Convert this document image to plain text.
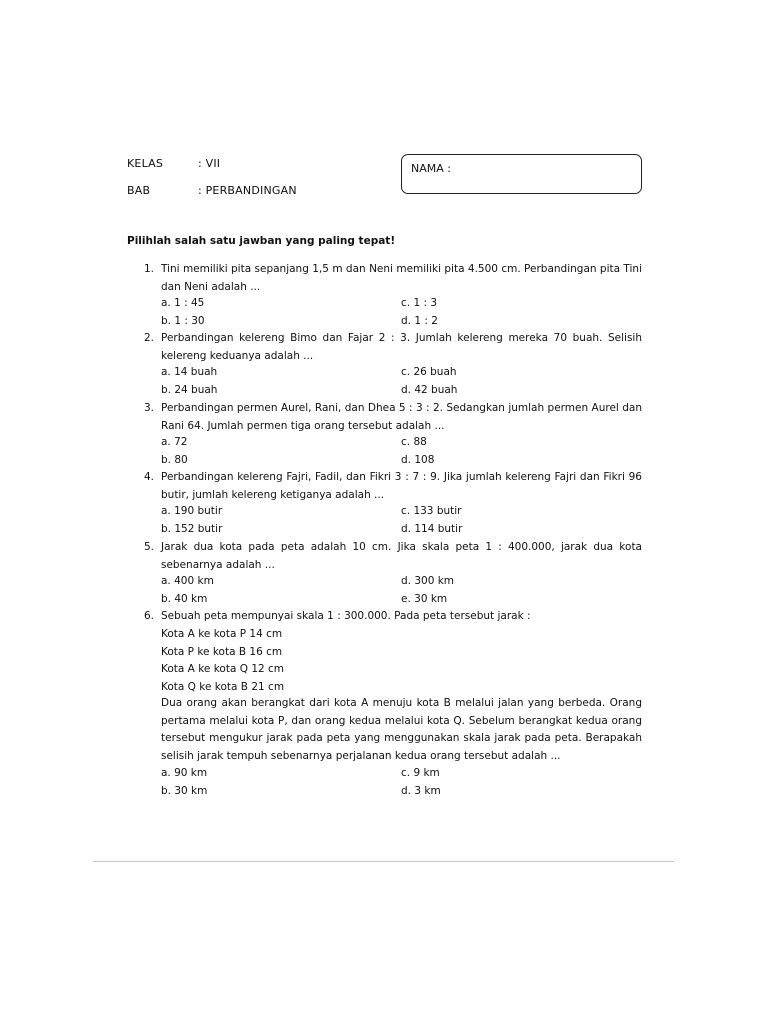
KELAS	: VII
BAB	: PERBANDINGAN
NAMA :
Pilihlah salah satu jawban yang paling tepat!
1. Tini memiliki pita sepanjang 1,5 m dan Neni memiliki pita 4.500 cm. Perbandingan pita Tini dan Neni adalah ...
a. 1 : 45	c. 1 : 3
b. 1 : 30	d. 1 : 2
2. Perbandingan kelereng Bimo dan Fajar 2 : 3. Jumlah kelereng mereka 70 buah. Selisih kelereng keduanya adalah ...
a. 14 buah	c. 26 buah
b. 24 buah	d. 42 buah
3. Perbandingan permen Aurel, Rani, dan Dhea 5 : 3 : 2. Sedangkan jumlah permen Aurel dan Rani 64. Jumlah permen tiga orang tersebut adalah ...
a. 72	c. 88
b. 80	d. 108
4. Perbandingan kelereng Fajri, Fadil, dan Fikri 3 : 7 : 9. Jika jumlah kelereng Fajri dan Fikri 96 butir, jumlah kelereng ketiganya adalah ...
a. 190 butir	c. 133 butir
b. 152 butir	d. 114 butir
5. Jarak dua kota pada peta adalah 10 cm. Jika skala peta 1 : 400.000, jarak dua kota sebenarnya adalah ...
a. 400 km	d. 300 km
b. 40 km	e. 30 km
6. Sebuah peta mempunyai skala 1 : 300.000. Pada peta tersebut jarak :
Kota A ke kota P 14 cm
Kota P ke kota B 16 cm
Kota A ke kota Q 12 cm
Kota Q ke kota B 21 cm
Dua orang akan berangkat dari kota A menuju kota B melalui jalan yang berbeda. Orang pertama melalui kota P, dan orang kedua melalui kota Q. Sebelum berangkat kedua orang tersebut mengukur jarak pada peta yang menggunakan skala jarak pada peta. Berapakah selisih jarak tempuh sebenarnya perjalanan kedua orang tersebut adalah ...
a. 90 km	c. 9 km
b. 30 km	d. 3 km
